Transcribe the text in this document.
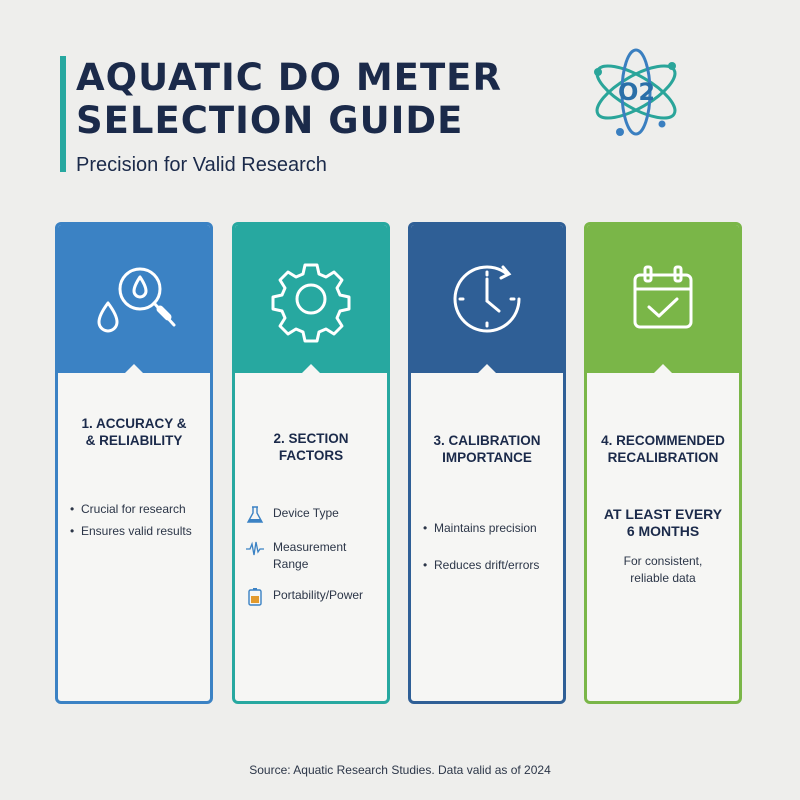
AQUATIC DO METER
SELECTION GUIDE
Precision for Valid Research
O2
1. ACCURACY &
& RELIABILITY
• Crucial for research
• Ensures valid results
2. SECTION
FACTORS
Device Type
Measurement Range
Portability/Power
3. CALIBRATION
IMPORTANCE
• Maintains precision
• Reduces drift/errors
4. RECOMMENDED
RECALIBRATION
AT LEAST EVERY
6 MONTHS
For consistent,
reliable data
Source: Aquatic Research Studies. Data valid as of 2024
